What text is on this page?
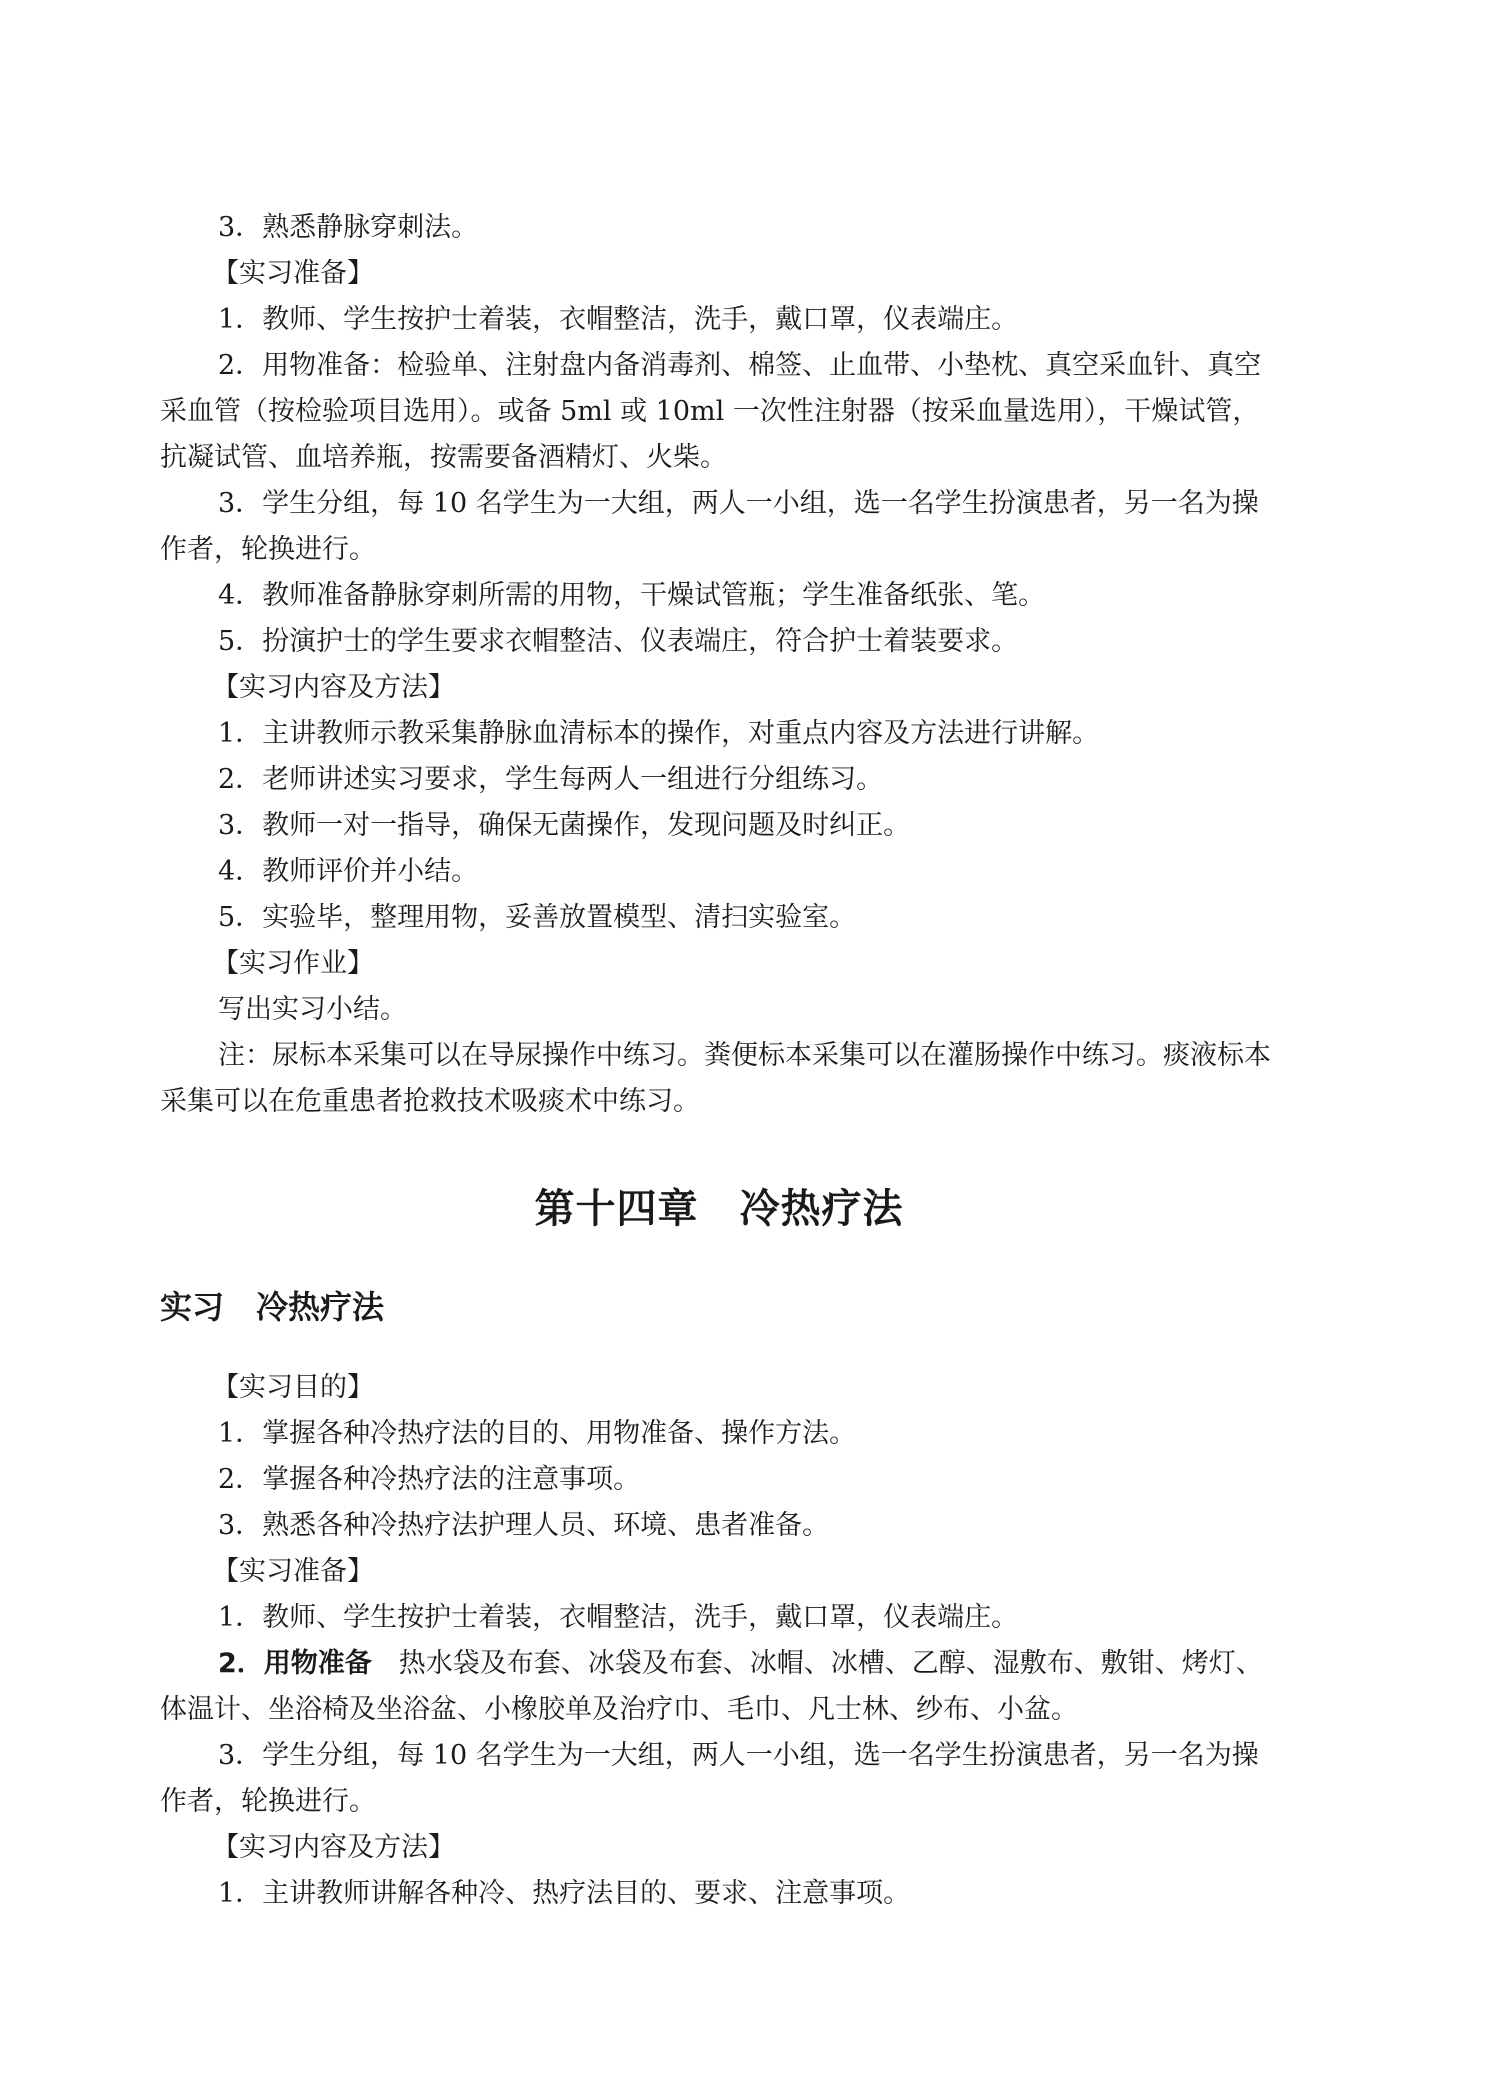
3．熟悉静脉穿刺法。

【实习准备】

1．教师、学生按护士着装，衣帽整洁，洗手，戴口罩，仪表端庄。

2．用物准备：检验单、注射盘内备消毒剂、棉签、止血带、小垫枕、真空采血针、真空采血管（按检验项目选用）。或备 5ml 或 10ml 一次性注射器（按采血量选用），干燥试管，抗凝试管、血培养瓶，按需要备酒精灯、火柴。

3．学生分组，每 10 名学生为一大组，两人一小组，选一名学生扮演患者，另一名为操作者，轮换进行。

4．教师准备静脉穿刺所需的用物，干燥试管瓶；学生准备纸张、笔。

5．扮演护士的学生要求衣帽整洁、仪表端庄，符合护士着装要求。

【实习内容及方法】

1．主讲教师示教采集静脉血清标本的操作，对重点内容及方法进行讲解。

2．老师讲述实习要求，学生每两人一组进行分组练习。

3．教师一对一指导，确保无菌操作，发现问题及时纠正。

4．教师评价并小结。

5．实验毕，整理用物，妥善放置模型、清扫实验室。

【实习作业】

写出实习小结。

注：尿标本采集可以在导尿操作中练习。粪便标本采集可以在灌肠操作中练习。痰液标本采集可以在危重患者抢救技术吸痰术中练习。

第十四章　冷热疗法
实习　冷热疗法

【实习目的】

1．掌握各种冷热疗法的目的、用物准备、操作方法。

2．掌握各种冷热疗法的注意事项。

3．熟悉各种冷热疗法护理人员、环境、患者准备。

【实习准备】

1．教师、学生按护士着装，衣帽整洁，洗手，戴口罩，仪表端庄。

2．用物准备　热水袋及布套、冰袋及布套、冰帽、冰槽、乙醇、湿敷布、敷钳、烤灯、体温计、坐浴椅及坐浴盆、小橡胶单及治疗巾、毛巾、凡士林、纱布、小盆。

3．学生分组，每 10 名学生为一大组，两人一小组，选一名学生扮演患者，另一名为操作者，轮换进行。

【实习内容及方法】

1．主讲教师讲解各种冷、热疗法目的、要求、注意事项。
